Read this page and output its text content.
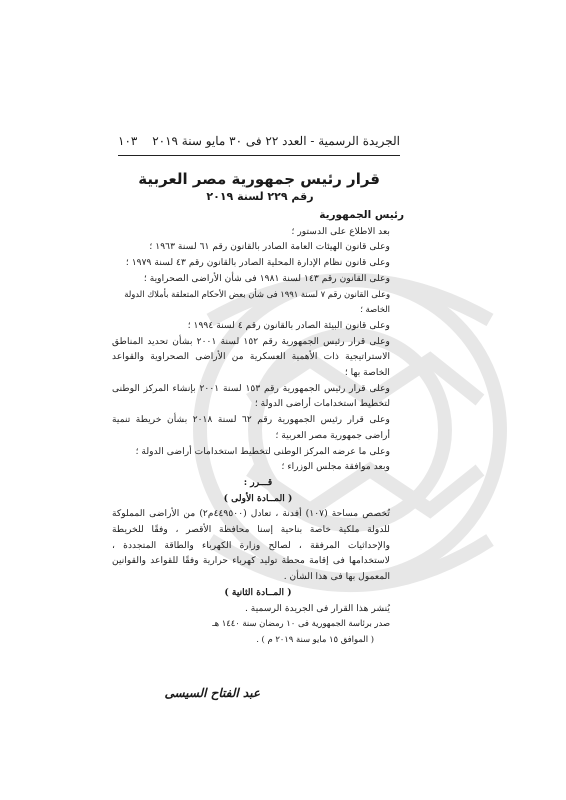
الجريدة الرسمية - العدد ٢٢ فى ٣٠ مايو سنة ٢٠١٩
١٠٣
قرار رئيس جمهورية مصر العربية
رقم ٢٢٩ لسنة ٢٠١٩

رئيس الجمهورية

بعد الاطلاع على الدستور ؛

وعلى قانون الهيئات العامة الصادر بالقانون رقم ٦١ لسنة ١٩٦٣ ؛

وعلى قانون نظام الإدارة المحلية الصادر بالقانون رقم ٤٣ لسنة ١٩٧٩ ؛

وعلى القانون رقم ١٤٣ لسنة ١٩٨١ فى شأن الأراضى الصحراوية ؛

وعلى القانون رقم ٧ لسنة ١٩٩١ فى شأن بعض الأحكام المتعلقة بأملاك الدولة الخاصة ؛

وعلى قانون البيئة الصادر بالقانون رقم ٤ لسنة ١٩٩٤ ؛

وعلى قرار رئيس الجمهورية رقم ١٥٢ لسنة ٢٠٠١ بشأن تحديد المناطق الاستراتيجية ذات الأهمية العسكرية من الأراضى الصحراوية والقواعد الخاصة بها ؛

وعلى قرار رئيس الجمهورية رقم ١٥٣ لسنة ٢٠٠١ بإنشاء المركز الوطنى لتخطيط استخدامات أراضى الدولة ؛

وعلى قرار رئيس الجمهورية رقم ٦٢ لسنة ٢٠١٨ بشأن خريطة تنمية أراضى جمهورية مصر العربية ؛

وعلى ما عرضه المركز الوطنى لتخطيط استخدامات أراضى الدولة ؛

وبعد موافقة مجلس الوزراء ؛

قـــرر :

( المــادة الأولى )

تُخصص مساحة (١٠٧) أفدنة ، تعادل (٤٤٩٥٠٠م٢) من الأراضى المملوكة للدولة ملكية خاصة بناحية إسنا محافظة الأقصر ، وفقًا للخريطة والإحداثيات المرفقة ، لصالح وزارة الكهرباء والطاقة المتجددة ، لاستخدامها فى إقامة محطة توليد كهرباء حرارية وفقًا للقواعد والقوانين المعمول بها فى هذا الشأن .

( المــادة الثانية )

يُنشر هذا القرار فى الجريدة الرسمية .

صدر برئاسة الجمهورية فى ١٠ رمضان سنة ١٤٤٠ هـ

( الموافق ١٥ مايو سنة ٢٠١٩ م ) .

عبد الفتاح السيسى
